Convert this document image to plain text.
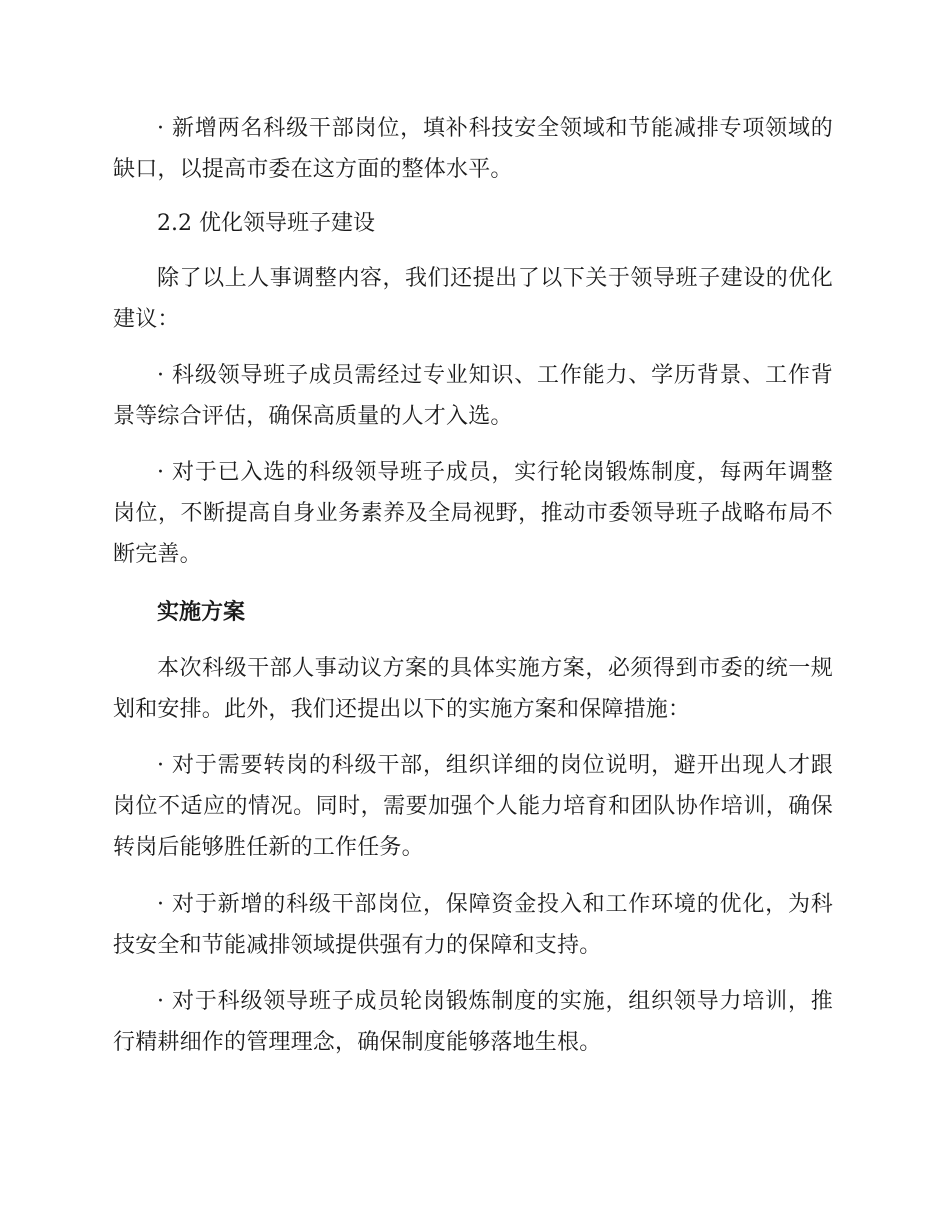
· 新增两名科级干部岗位，填补科技安全领域和节能减排专项领域的缺口，以提高市委在这方面的整体水平。

2.2 优化领导班子建设

除了以上人事调整内容，我们还提出了以下关于领导班子建设的优化建议：

· 科级领导班子成员需经过专业知识、工作能力、学历背景、工作背景等综合评估，确保高质量的人才入选。

· 对于已入选的科级领导班子成员，实行轮岗锻炼制度，每两年调整岗位，不断提高自身业务素养及全局视野，推动市委领导班子战略布局不断完善。

实施方案

本次科级干部人事动议方案的具体实施方案，必须得到市委的统一规划和安排。此外，我们还提出以下的实施方案和保障措施：

· 对于需要转岗的科级干部，组织详细的岗位说明，避开出现人才跟岗位不适应的情况。同时，需要加强个人能力培育和团队协作培训，确保转岗后能够胜任新的工作任务。

· 对于新增的科级干部岗位，保障资金投入和工作环境的优化，为科技安全和节能减排领域提供强有力的保障和支持。

· 对于科级领导班子成员轮岗锻炼制度的实施，组织领导力培训，推行精耕细作的管理理念，确保制度能够落地生根。
